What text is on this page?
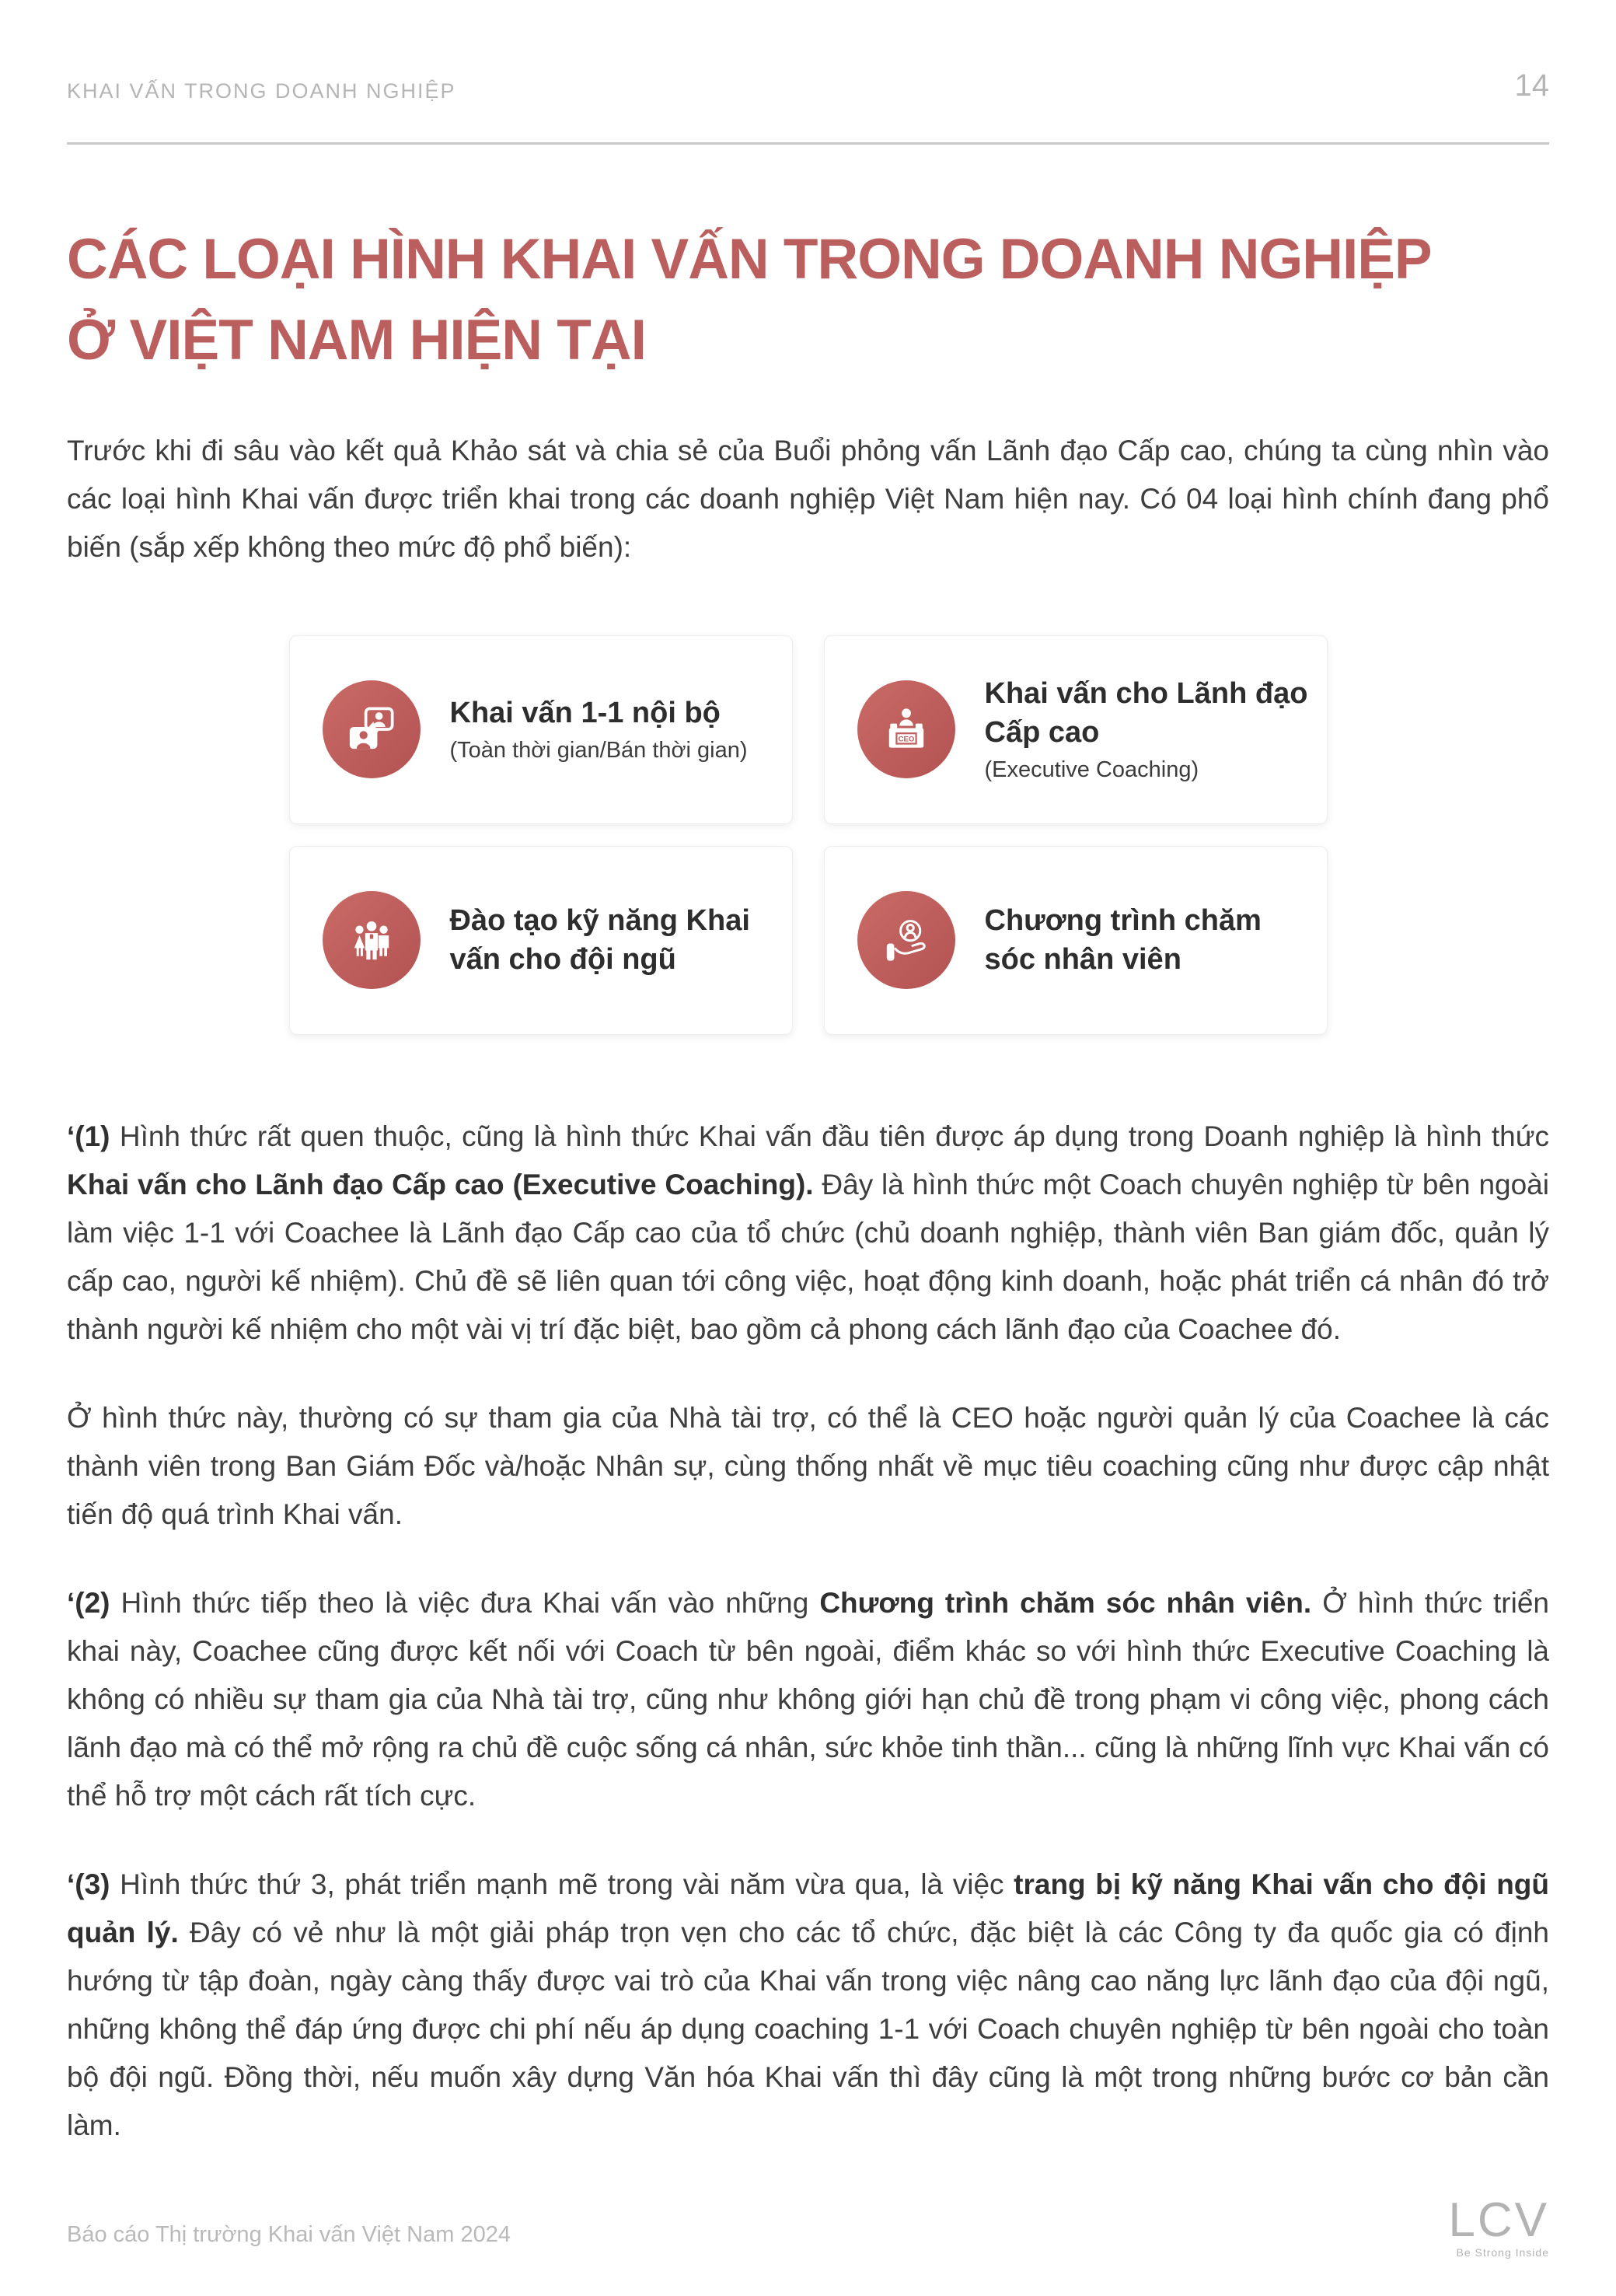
KHAI VẤN TRONG DOANH NGHIỆP	14
CÁC LOẠI HÌNH KHAI VẤN TRONG DOANH NGHIỆP
Ở VIỆT NAM HIỆN TẠI

Trước khi đi sâu vào kết quả Khảo sát và chia sẻ của Buổi phỏng vấn Lãnh đạo Cấp cao, chúng ta cùng nhìn vào các loại hình Khai vấn được triển khai trong các doanh nghiệp Việt Nam hiện nay. Có 04 loại hình chính đang phổ biến (sắp xếp không theo mức độ phổ biến):

Khai vấn 1-1 nội bộ
(Toàn thời gian/Bán thời gian)	CEO
Khai vấn cho Lãnh đạo Cấp cao
(Executive Coaching)
Đào tạo kỹ năng Khai vấn cho đội ngũ
Chương trình chăm sóc nhân viên

‘(1) Hình thức rất quen thuộc, cũng là hình thức Khai vấn đầu tiên được áp dụng trong Doanh nghiệp là hình thức Khai vấn cho Lãnh đạo Cấp cao (Executive Coaching). Đây là hình thức một Coach chuyên nghiệp từ bên ngoài làm việc 1-1 với Coachee là Lãnh đạo Cấp cao của tổ chức (chủ doanh nghiệp, thành viên Ban giám đốc, quản lý cấp cao, người kế nhiệm). Chủ đề sẽ liên quan tới công việc, hoạt động kinh doanh, hoặc phát triển cá nhân đó trở thành người kế nhiệm cho một vài vị trí đặc biệt, bao gồm cả phong cách lãnh đạo của Coachee đó.

Ở hình thức này, thường có sự tham gia của Nhà tài trợ, có thể là CEO hoặc người quản lý của Coachee là các thành viên trong Ban Giám Đốc và/hoặc Nhân sự, cùng thống nhất về mục tiêu coaching cũng như được cập nhật tiến độ quá trình Khai vấn.

‘(2) Hình thức tiếp theo là việc đưa Khai vấn vào những Chương trình chăm sóc nhân viên. Ở hình thức triển khai này, Coachee cũng được kết nối với Coach từ bên ngoài, điểm khác so với hình thức Executive Coaching là không có nhiều sự tham gia của Nhà tài trợ, cũng như không giới hạn chủ đề trong phạm vi công việc, phong cách lãnh đạo mà có thể mở rộng ra chủ đề cuộc sống cá nhân, sức khỏe tinh thần... cũng là những lĩnh vực Khai vấn có thể hỗ trợ một cách rất tích cực.

‘(3) Hình thức thứ 3, phát triển mạnh mẽ trong vài năm vừa qua, là việc trang bị kỹ năng Khai vấn cho đội ngũ quản lý. Đây có vẻ như là một giải pháp trọn vẹn cho các tổ chức, đặc biệt là các Công ty đa quốc gia có định hướng từ tập đoàn, ngày càng thấy được vai trò của Khai vấn trong việc nâng cao năng lực lãnh đạo của đội ngũ, những không thể đáp ứng được chi phí nếu áp dụng coaching 1-1 với Coach chuyên nghiệp từ bên ngoài cho toàn bộ đội ngũ. Đồng thời, nếu muốn xây dựng Văn hóa Khai vấn thì đây cũng là một trong những bước cơ bản cần làm.

Báo cáo Thị trường Khai vấn Việt Nam 2024	LCV
Be Strong Inside
